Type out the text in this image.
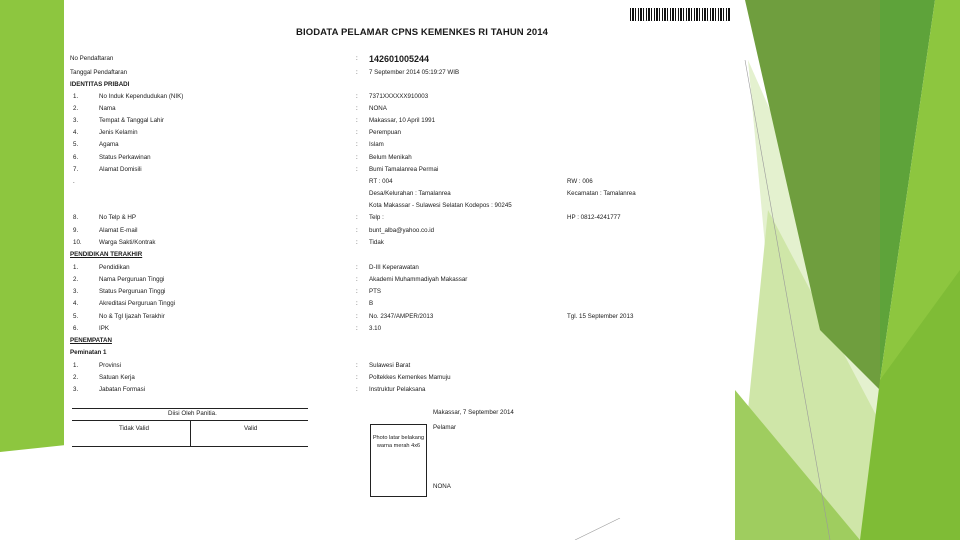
BIODATA PELAMAR CPNS KEMENKES RI TAHUN 2014
No Pendaftaran	: 142601005244
Tanggal Pendaftaran	: 7 September 2014 05:19:27 WIB
IDENTITAS PRIBADI
1.	No Induk Kependudukan (NIK)	: 7371XXXXXX910003
2.	Nama	: NONA
3.	Tempat & Tanggal Lahir	: Makassar, 10 April 1991
4.	Jenis Kelamin	: Perempuan
5.	Agama	: Islam
6.	Status Perkawinan	: Belum Menikah
7.	Alamat Domisili	: Bumi Tamalanrea Permai
.	RT : 004	RW : 006
Desa/Kelurahan : Tamalanrea	Kecamatan : Tamalanrea
Kota Makassar - Sulawesi Selatan Kodepos : 90245
8.	No Telp & HP	: Telp :	HP : 0812-4241777
9.	Alamat E-mail	: bunt_alba@yahoo.co.id
10.	Warga Sakti/Kontrak	: Tidak
PENDIDIKAN TERAKHIR
1.	Pendidikan	: D-III Keperawatan
2.	Nama Perguruan Tinggi	: Akademi Muhammadiyah Makassar
3.	Status Perguruan Tinggi	: PTS
4.	Akreditasi Perguruan Tinggi	: B
5.	No & Tgl Ijazah Terakhir	: No. 2347/AMPER/2013	Tgl. 15 September 2013
6.	IPK	: 3.10
PENEMPATAN
Peminatan 1
1.	Provinsi	: Sulawesi Barat
2.	Satuan Kerja	: Poltekkes Kemenkes Mamuju
3.	Jabatan Formasi	: Instruktur Pelaksana
Diisi Oleh Panitia.
Tidak Valid	Valid
Makassar, 7 September 2014
Pelamar
Photo latar belakang warna merah 4x6
NONA
